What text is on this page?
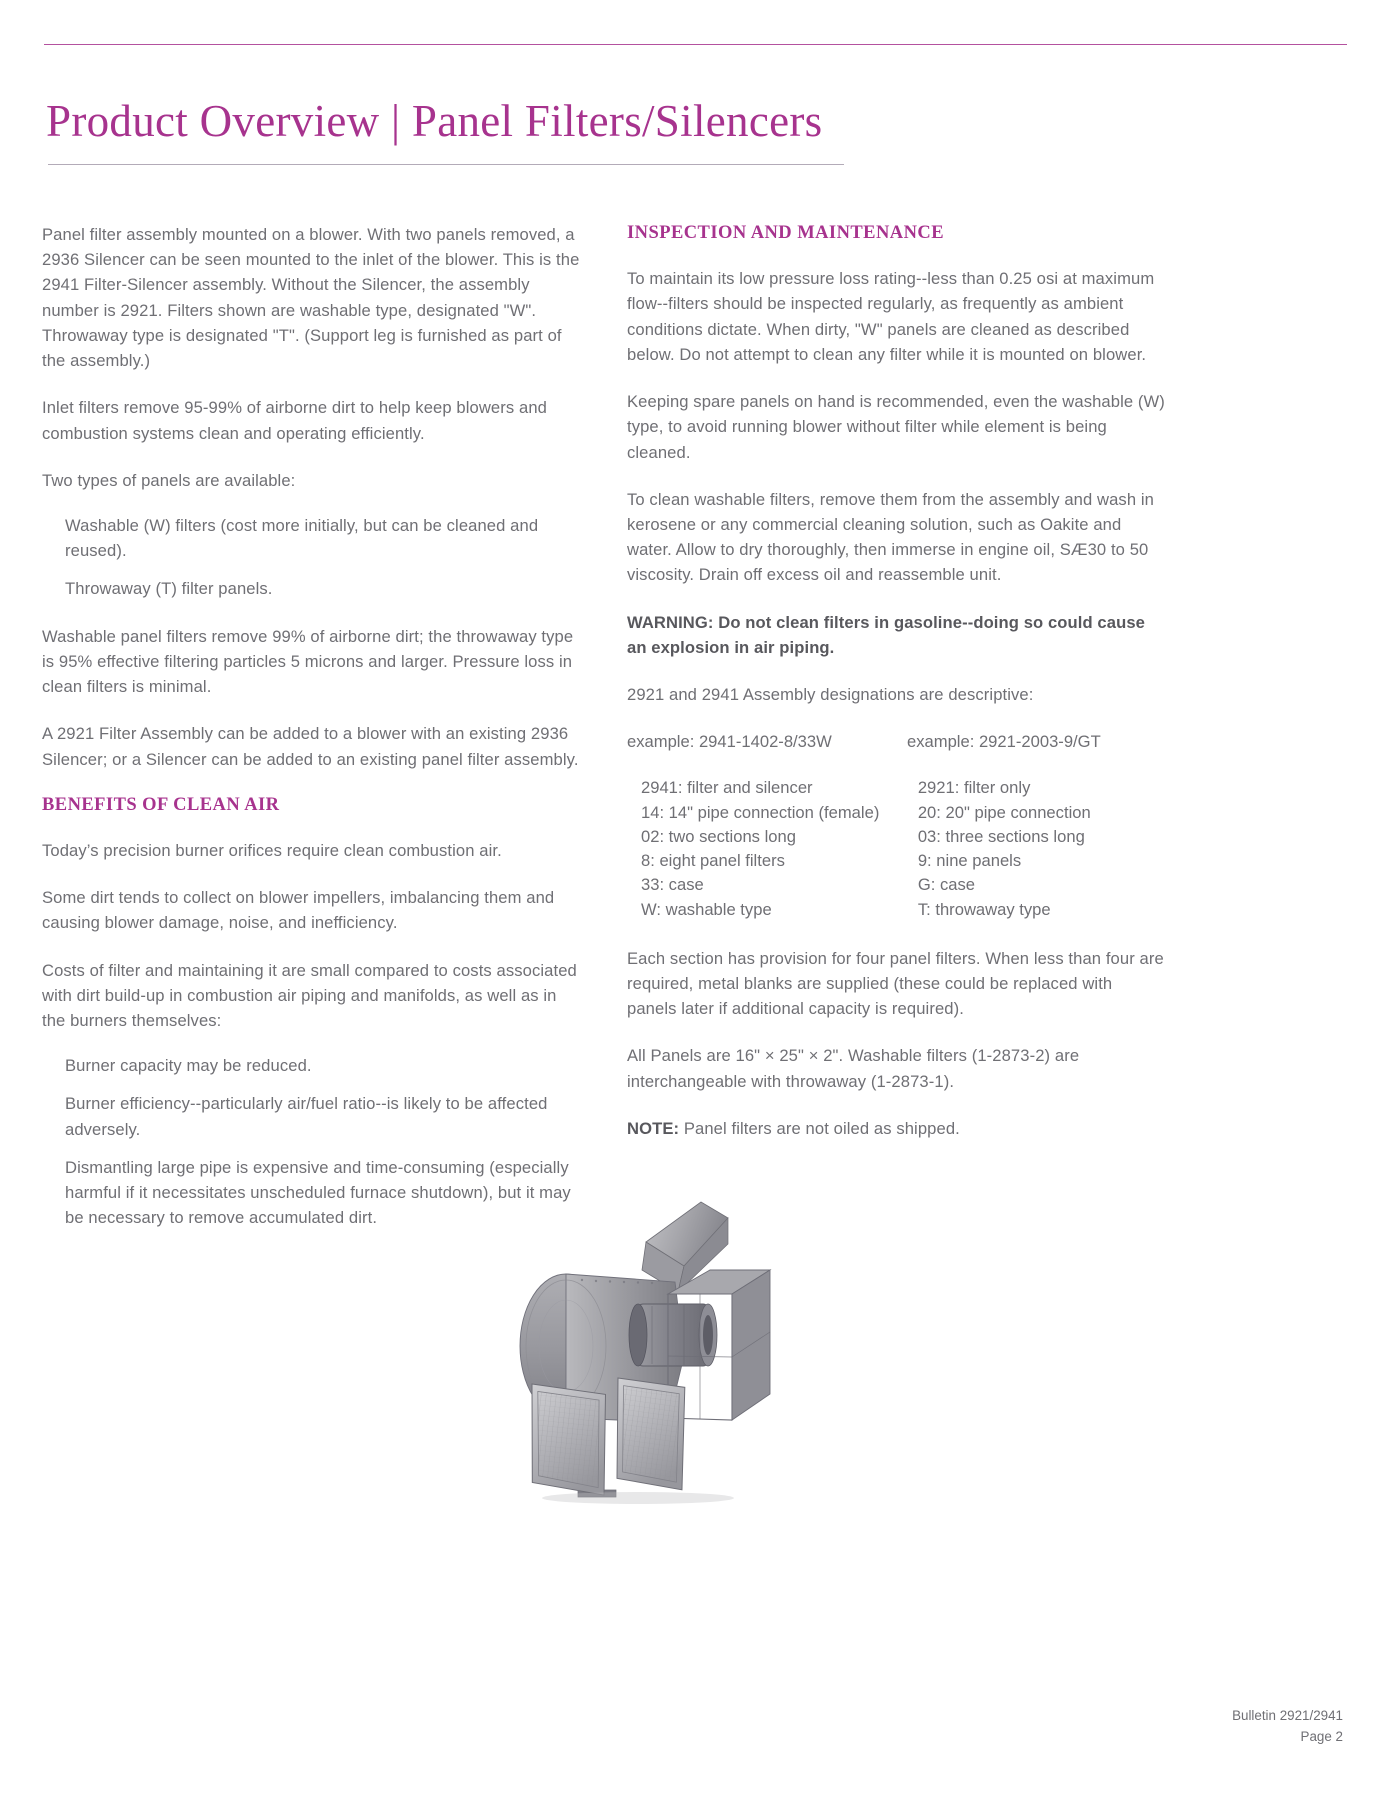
Product Overview | Panel Filters/Silencers

Panel filter assembly mounted on a blower. With two panels removed, a 2936 Silencer can be seen mounted to the inlet of the blower. This is the 2941 Filter-Silencer assembly. Without the Silencer, the assembly number is 2921. Filters shown are washable type, designated "W". Throwaway type is designated "T". (Support leg is furnished as part of the assembly.)

Inlet filters remove 95-99% of airborne dirt to help keep blowers and combustion systems clean and operating efficiently.

Two types of panels are available:

Washable (W) filters (cost more initially, but can be cleaned and reused).
Throwaway (T) filter panels.

Washable panel filters remove 99% of airborne dirt; the throwaway type is 95% effective filtering particles 5 microns and larger. Pressure loss in clean filters is minimal.

A 2921 Filter Assembly can be added to a blower with an existing 2936 Silencer; or a Silencer can be added to an existing panel filter assembly.

BENEFITS OF CLEAN AIR

Today’s precision burner orifices require clean combustion air.

Some dirt tends to collect on blower impellers, imbalancing them and causing blower damage, noise, and inefficiency.

Costs of filter and maintaining it are small compared to costs associated with dirt build-up in combustion air piping and manifolds, as well as in the burners themselves:

Burner capacity may be reduced.
Burner efficiency--particularly air/fuel ratio--is likely to be affected adversely.
Dismantling large pipe is expensive and time-consuming (especially harmful if it necessitates unscheduled furnace shutdown), but it may be necessary to remove accumulated dirt.
INSPECTION AND MAINTENANCE

To maintain its low pressure loss rating--less than 0.25 osi at maximum flow--filters should be inspected regularly, as frequently as ambient conditions dictate. When dirty, "W" panels are cleaned as described below. Do not attempt to clean any filter while it is mounted on blower.

Keeping spare panels on hand is recommended, even the washable (W) type, to avoid running blower without filter while element is being cleaned.

To clean washable filters, remove them from the assembly and wash in kerosene or any commercial cleaning solution, such as Oakite and water. Allow to dry thoroughly, then immerse in engine oil, SÆ30 to 50 viscosity. Drain off excess oil and reassemble unit.

WARNING: Do not clean filters in gasoline--doing so could cause an explosion in air piping.

2921 and 2941 Assembly designations are descriptive:

example: 2941-1402-8/33W	example: 2921-2003-9/GT
2941: filter and silencer
14: 14" pipe connection (female)
02: two sections long
8: eight panel filters
33: case
W: washable type
2921: filter only
20: 20" pipe connection
03: three sections long
9: nine panels
G: case
T: throwaway type

Each section has provision for four panel filters. When less than four are required, metal blanks are supplied (these could be replaced with panels later if additional capacity is required).

All Panels are 16" × 25" × 2". Washable filters (1-2873-2) are interchangeable with throwaway (1-2873-1).

NOTE: Panel filters are not oiled as shipped.

Bulletin 2921/2941
Page 2
